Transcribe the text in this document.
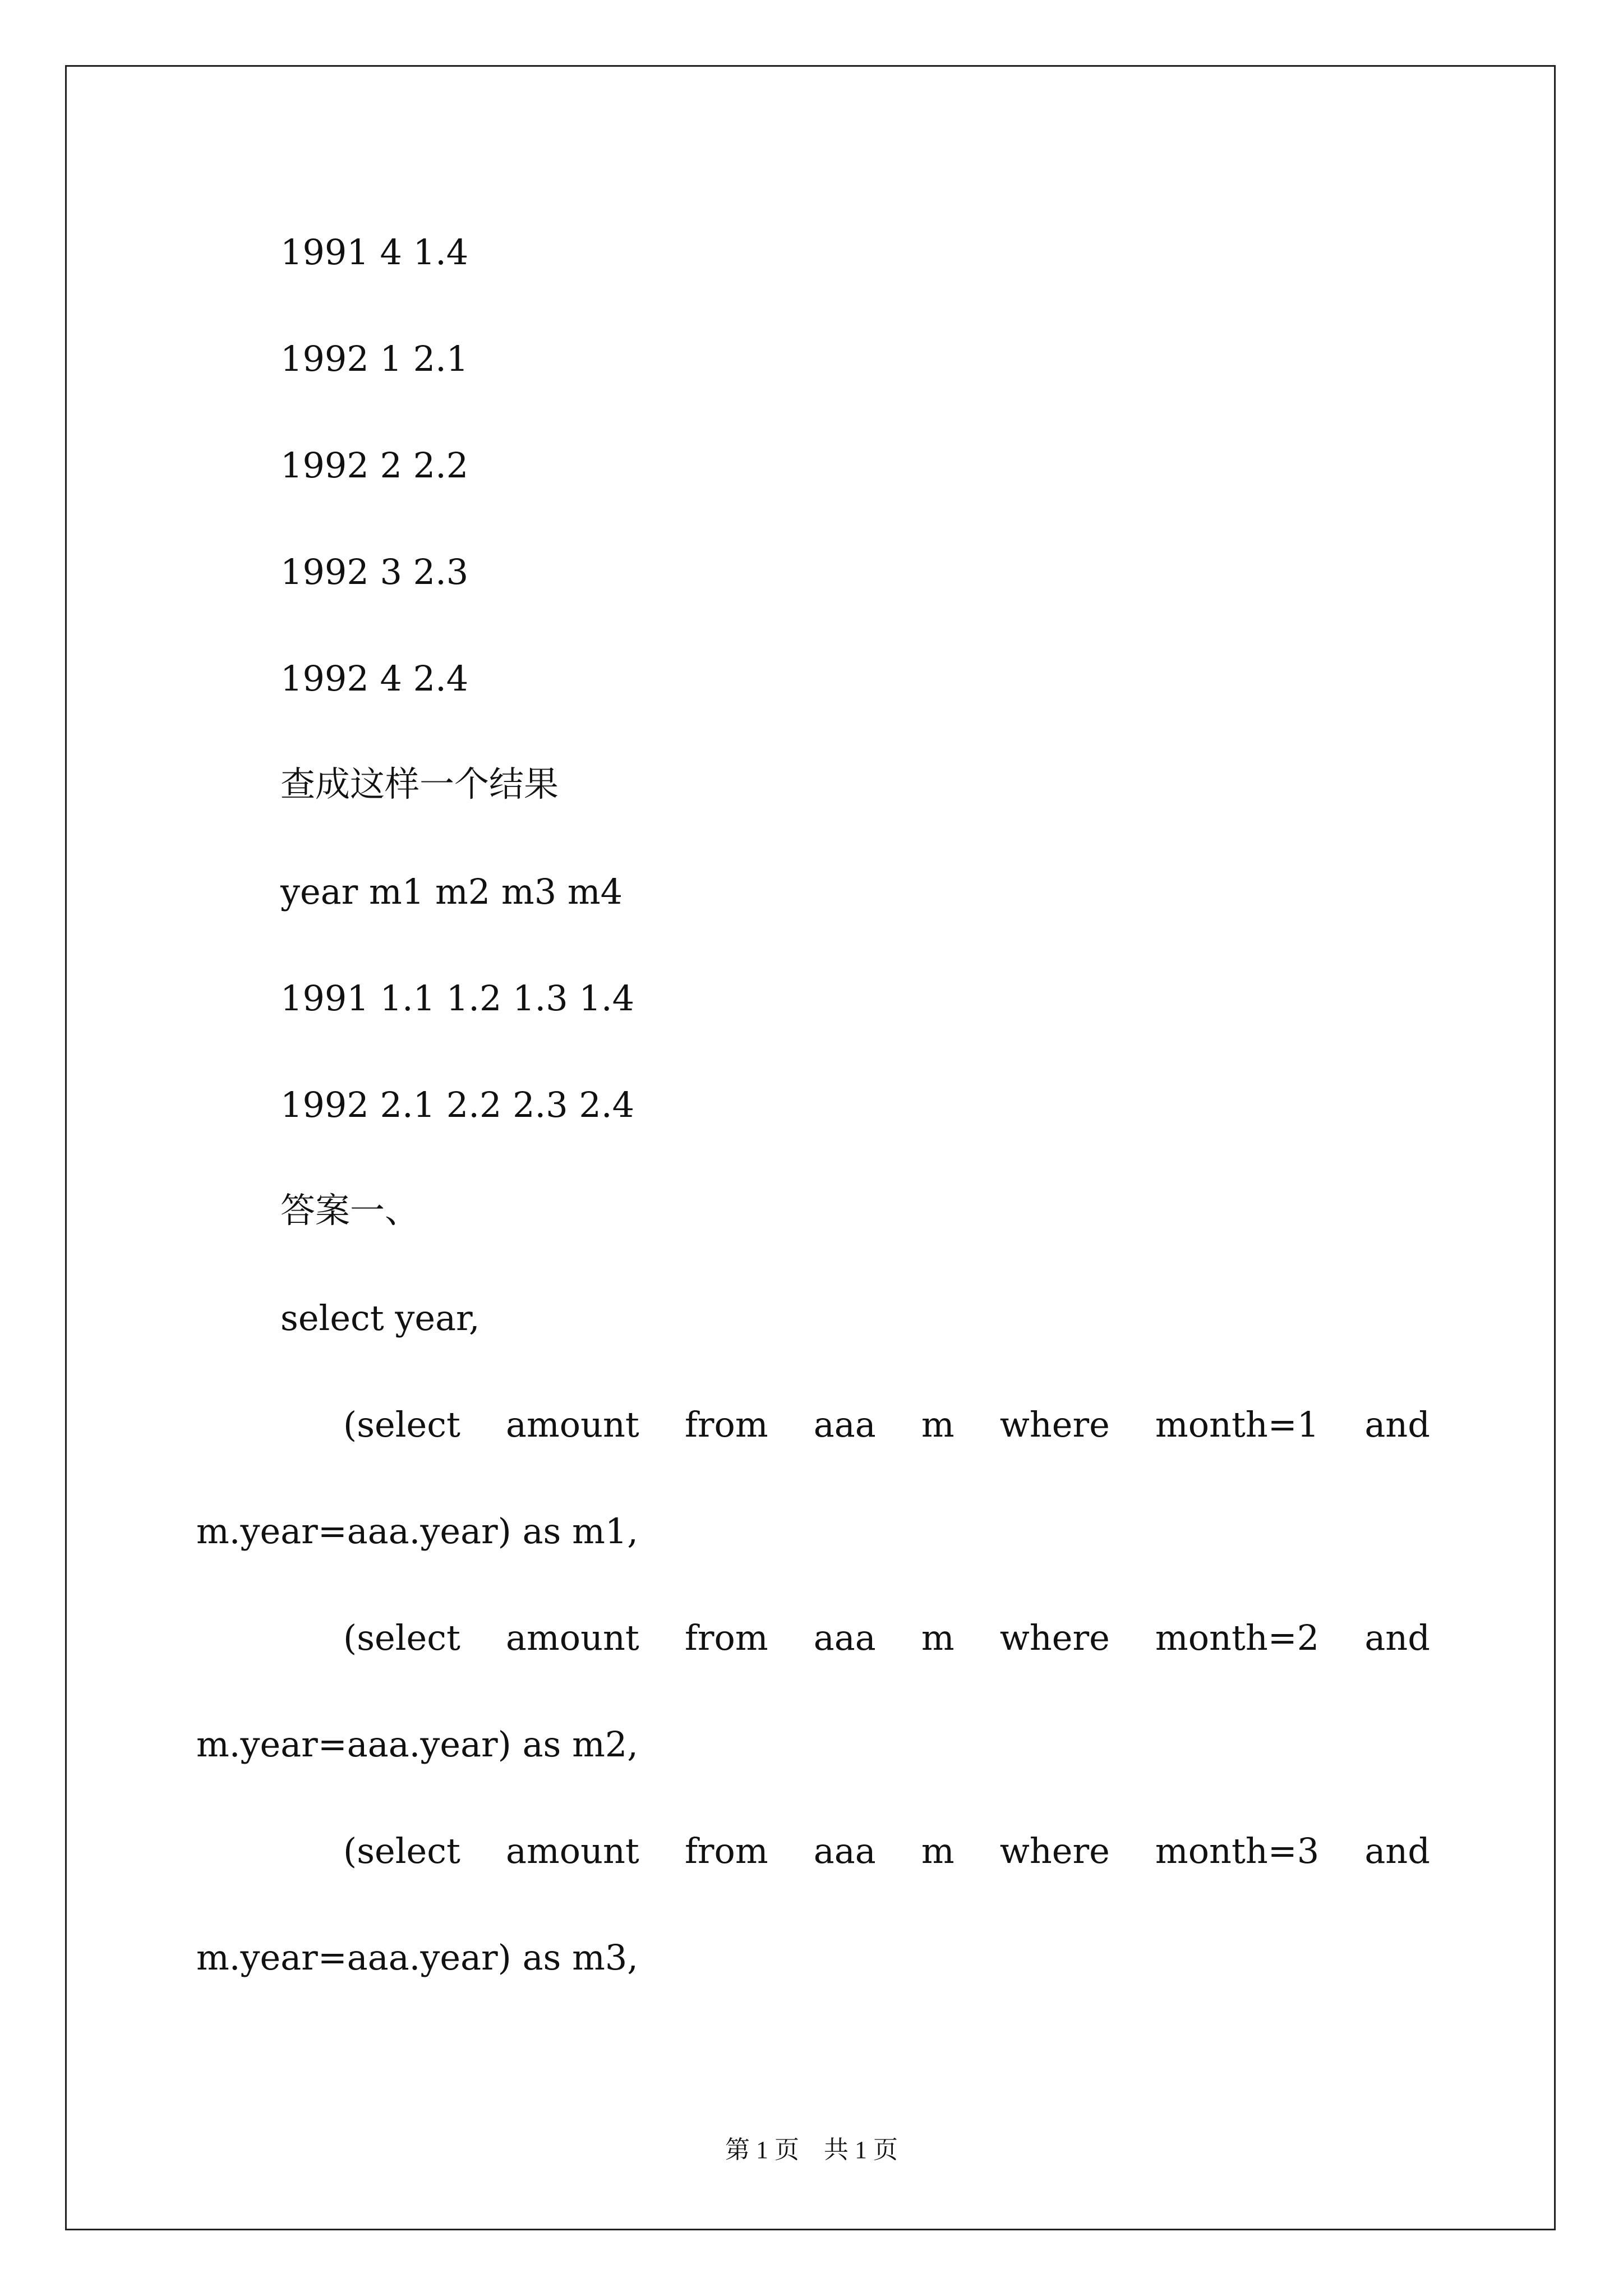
1991 4 1.4
1992 1 2.1
1992 2 2.2
1992 3 2.3
1992 4 2.4
查成这样一个结果
year m1 m2 m3 m4
1991 1.1 1.2 1.3 1.4
1992 2.1 2.2 2.3 2.4
答案一、
select year,
(select amount from aaa m where month=1 and
m.year=aaa.year) as m1,
(select amount from aaa m where month=2 and
m.year=aaa.year) as m2,
(select amount from aaa m where month=3 and
m.year=aaa.year) as m3,
第 1 页    共 1 页
